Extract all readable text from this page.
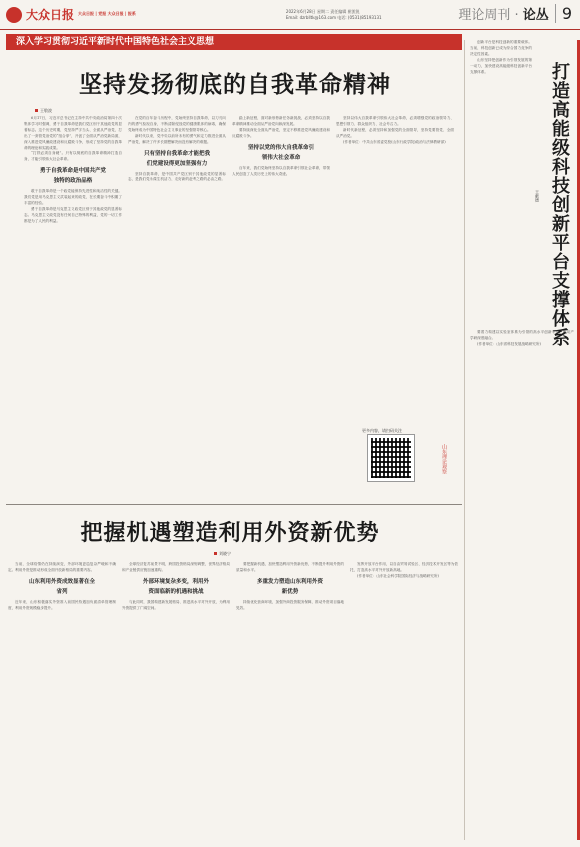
大众日报 大众日报 | 党报 大众日报 | 报系	2022年6月28日 星期二 责任编辑 崔凯锐
Email: dzrblltk@163.com 电话: (0531)85193131	理论周刊 · 论丛 9
深入学习贯彻习近平新时代中国特色社会主义思想
坚持发扬彻底的自我革命精神
王敬波

6月17日，习近平总书记在主持中共中央政治局第四十次集体学习时强调，勇于自我革命是我们党区别于其他政党的显著标志。这个历史时期，党坚持严字当头、全面从严治党，打出了一套管党治党的“组合拳”，开创了全面从严治党新局面，深入推进党风廉政建设和反腐败斗争，形成了坚持党的自我革命的理论和实践成果。

“打铁必须自身硬”。只有以彻底的自我革命精神打造自身，才能引领伟大社会革命。

勇于自我革命是中国共产党
独特的政治品格

敢于自我革命是一个政党能保持先进性和纯洁性的关键。我们党是用马克思主义武装起来的政党，在长期奋斗中积累了丰富的经验。

勇于自我革命是马克思主义政党区别于其他政党的显著标志。马克思主义政党没有任何自己特殊的利益，党的一切工作都是为了人民的利益。

在党的百年奋斗历程中，党始终坚持自我革命，以刀刃向内的勇气检视自身，不断清除侵蚀党的健康肌体的病毒，确保党始终成为中国特色社会主义事业的坚强领导核心。

新时代以来，党中央以前所未有的勇气和定力推进全面从严治党，解决了许多长期想解决而没有解决的难题。

只有坚持自我革命才能把我
们党建设得更加坚强有力

坚持自我革命，是中国共产党区别于其他政党的显著标志，是我们党永葆生机活力、走好新的赶考之路的必由之路。

踏上新征程，面对新形势新任务新挑战，必须坚持以自我革命精神推动全面从严治党向纵深发展。

要持续深化全面从严治党，坚定不移推进党风廉政建设和反腐败斗争。

坚持以党的伟大自我革命引
领伟大社会革命

百年来，我们党始终坚持以自我革命引领社会革命，带领人民创造了人类历史上的伟大奇迹。

坚持以伟大自我革命引领伟大社会革命，必须增强党的政治领导力、思想引领力、群众组织力、社会号召力。

新时代新征程，必须坚持和加强党的全面领导，坚持党要管党、全面从严治党。

(作者单位：中共山东省委党校(山东行政学院)政治与法律教研部)

更多内容，请扫码关注
山东理论观察
把握机遇塑造利用外资新优势
刘晓宁

当前，全球疫情仍在持续演变，外部环境更趋复杂严峻和不确定。利用外资是推动形成全面开放新格局的重要内容。

山东利用外资成效显著在全
省列

近年来，山东积极落实外资准入前国民待遇加负面清单管理制度，利用外资规模稳步提升。

全球经济复苏前景不明，跨国投资格局深刻调整，世界经济格局和产业链供应链加速重构。

外部环境复杂多变，利用外
资面临新的机遇和挑战

与此同时，我国构建新发展格局、推进高水平对外开放，为利用外资提供了广阔空间。

要把握新机遇，加快塑造利用外资新优势，不断提升利用外资的质量和水平。

多重发力塑造山东利用外资
新优势

持续优化营商环境，加强外商投资服务保障，推动外资项目落地见效。

发挥开放平台作用，以自由贸易试验区、经济技术开发区等为依托，打造高水平对外开放新高地。

(作者单位：山东社会科学院国际经济与战略研究所)

打造高能级科技创新平台支撑体系
王献德

创新平台是科技创新的重要载体。当前，科技创新已成为综合国力竞争的决定性因素。

山东坚持把创新作为引领发展的第一动力，加快建设高能级科技创新平台支撑体系。

要着力构建以实验室体系为引领的高水平创新平台，推动产学研深度融合。

(作者单位：山东省科技发展战略研究所)
